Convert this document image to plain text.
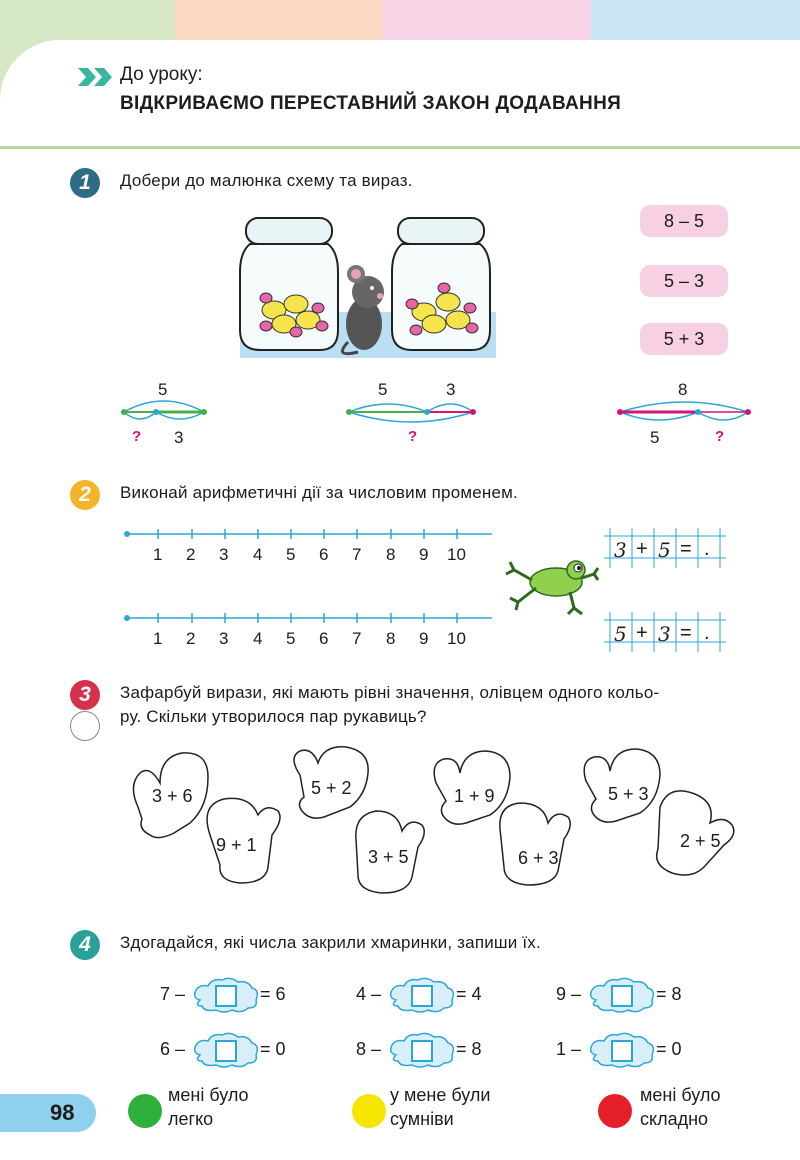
До уроку:
ВІДКРИВАЄМО ПЕРЕСТАВНИЙ ЗАКОН ДОДАВАННЯ
1	Добери до малюнка схему та вираз.
8 – 5
5 – 3
5 + 3
5
? 3
5	3
?
8
5	?
2	Виконай арифметичні дії за числовим променем.
1 2 3 4 5 6 7 8 9 10
1 2 3 4 5 6 7 8 9 10
3 + 5 = .
5 + 3 = .
3	Зафарбуй вирази, які мають рівні значення, олівцем одного кольо-
ру. Скільки утворилося пар рукавиць?
3 + 6
9 + 1
5 + 2
3 + 5
1 + 9
6 + 3
5 + 3
2 + 5
4	Здогадайся, які числа закрили хмаринки, запиши їх.
7 –	= 6	4 –	= 4	9 –	= 8
6 –	= 0	8 –	= 8	1 –	= 0
98
мені було
легко
у мене були
сумніви
мені було
складно
